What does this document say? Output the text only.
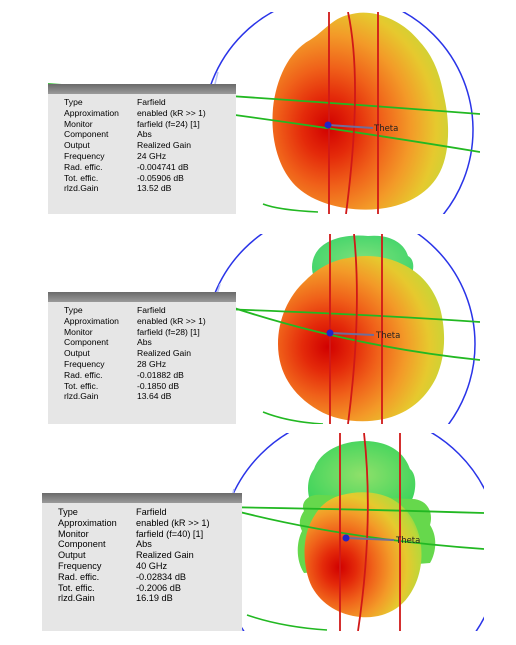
Theta
Type	Farfield
Approximation	enabled (kR >> 1)
Monitor	farfield (f=24) [1]
Component	Abs
Output	Realized Gain
Frequency	24 GHz
Rad. effic.	-0.004741 dB
Tot. effic.	-0.05906 dB
rlzd.Gain	13.52 dB
Theta
Type	Farfield
Approximation	enabled (kR >> 1)
Monitor	farfield (f=28) [1]
Component	Abs
Output	Realized Gain
Frequency	28 GHz
Rad. effic.	-0.01882 dB
Tot. effic.	-0.1850 dB
rlzd.Gain	13.64 dB
Theta
Type	Farfield
Approximation	enabled (kR >> 1)
Monitor	farfield (f=40) [1]
Component	Abs
Output	Realized Gain
Frequency	40 GHz
Rad. effic.	-0.02834 dB
Tot. effic.	-0.2006 dB
rlzd.Gain	16.19 dB
